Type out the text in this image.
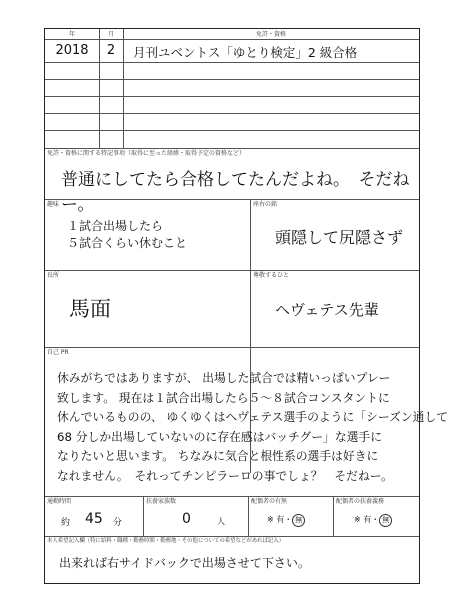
年	月	免許・資格
2018	2	月刊ユベントス「ゆとり検定」2 級合格
免許・資格に関する特記事項（取得に至った経緯・取得予定の資格など）
普通にしてたら合格してたんだよね。　そだねー。
趣味
１試合出場したら
５試合くらい休むこと
座右の銘
頭隠して尻隠さず
長所
馬面
尊敬するひと
ヘヴェテス先輩
自己 PR
休みがちではありますが、 出場した試合では精いっぱいプレー
致します。 現在は１試合出場したら５～８試合コンスタントに
休んでいるものの、 ゆくゆくはヘヴェテス選手のように「シーズン通して
68 分しか出場していないのに存在感はバッチグー」な選手に
なりたいと思います。 ちなみに気合と根性系の選手は好きに
なれません。　それってチンピラーロの事でしょ？　そだねー。
通勤時間
約 45 分
扶養家族数
0	人
配偶者の有無
※ 有・ 無
配偶者の扶養義務
※ 有・ 無
本人希望記入欄（特に給料・職種・勤務時間・勤務地・その他についての希望などがあれば記入）
出来れば右サイドバックで出場させて下さい。
